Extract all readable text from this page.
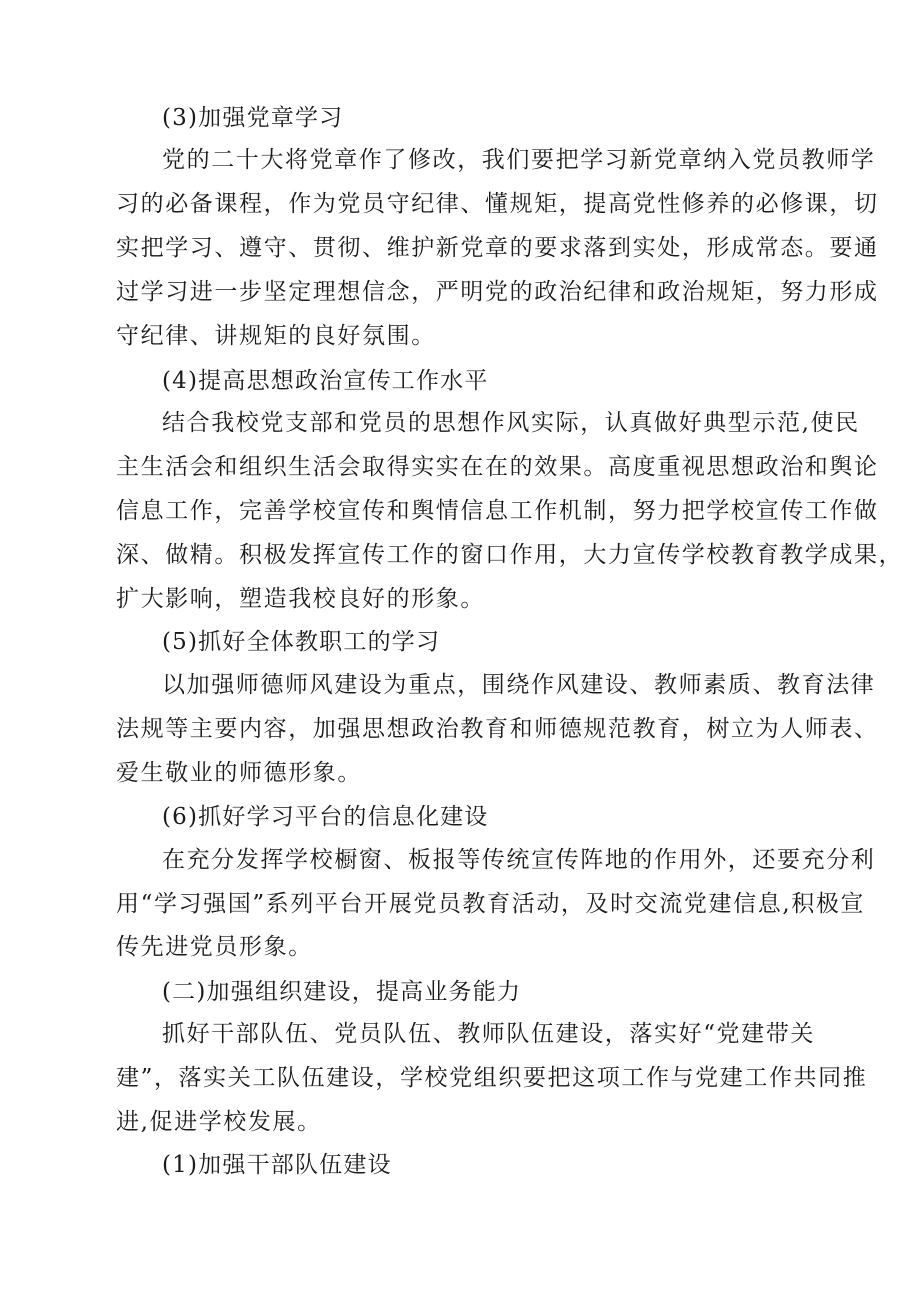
(3)加强党章学习
党的二十大将党章作了修改，我们要把学习新党章纳入党员教师学
习的必备课程，作为党员守纪律、懂规矩，提高党性修养的必修课，切
实把学习、遵守、贯彻、维护新党章的要求落到实处，形成常态。要通
过学习进一步坚定理想信念，严明党的政治纪律和政治规矩，努力形成
守纪律、讲规矩的良好氛围。
(4)提高思想政治宣传工作水平
结合我校党支部和党员的思想作风实际，认真做好典型示范,使民
主生活会和组织生活会取得实实在在的效果。高度重视思想政治和舆论
信息工作，完善学校宣传和舆情信息工作机制，努力把学校宣传工作做
深、做精。积极发挥宣传工作的窗口作用，大力宣传学校教育教学成果，
扩大影响，塑造我校良好的形象。
(5)抓好全体教职工的学习
以加强师德师风建设为重点，围绕作风建设、教师素质、教育法律
法规等主要内容，加强思想政治教育和师德规范教育，树立为人师表、
爱生敬业的师德形象。
(6)抓好学习平台的信息化建设
在充分发挥学校橱窗、板报等传统宣传阵地的作用外，还要充分利
用“学习强国”系列平台开展党员教育活动，及时交流党建信息,积极宣
传先进党员形象。
(二)加强组织建设，提高业务能力
抓好干部队伍、党员队伍、教师队伍建设，落实好“党建带关
建”，落实关工队伍建设，学校党组织要把这项工作与党建工作共同推
进,促进学校发展。
(1)加强干部队伍建设
